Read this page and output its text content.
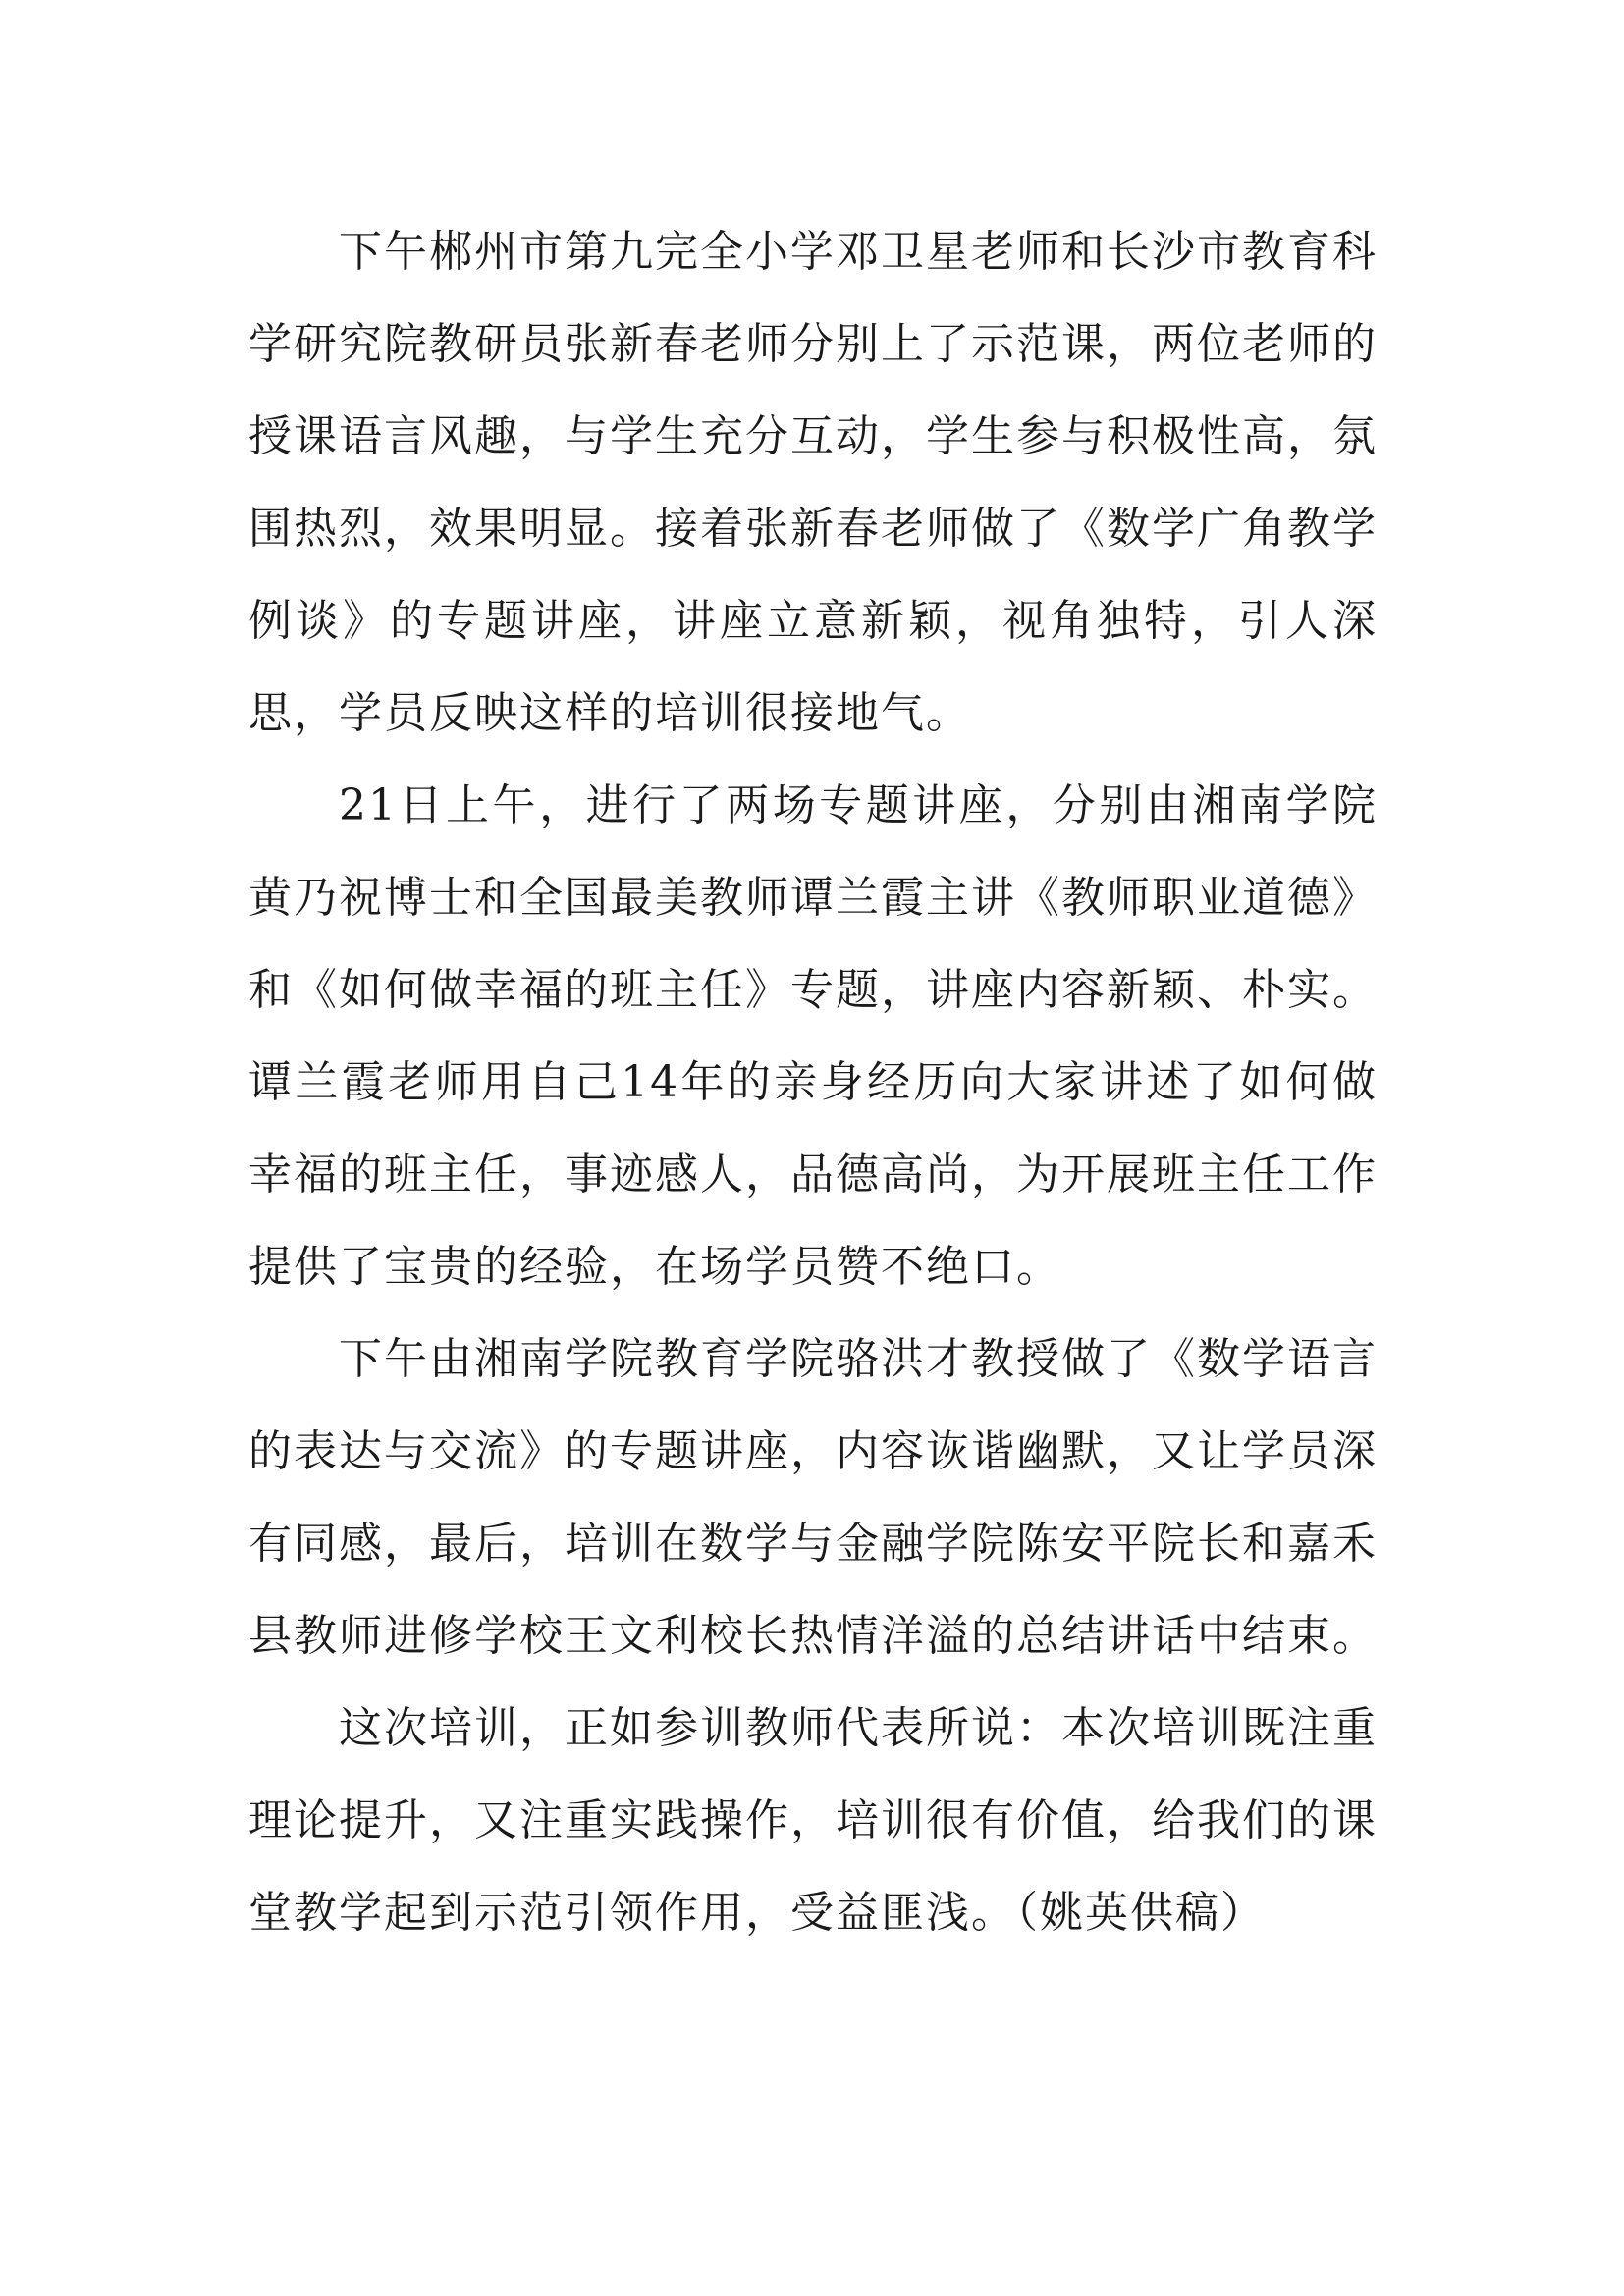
下午郴州市第九完全小学邓卫星老师和长沙市教育科学研究院教研员张新春老师分别上了示范课，两位老师的授课语言风趣，与学生充分互动，学生参与积极性高，氛围热烈，效果明显。接着张新春老师做了《数学广角教学例谈》的专题讲座，讲座立意新颖，视角独特，引人深思，学员反映这样的培训很接地气。

21日上午，进行了两场专题讲座，分别由湘南学院黄乃祝博士和全国最美教师谭兰霞主讲《教师职业道德》和《如何做幸福的班主任》专题，讲座内容新颖、朴实。谭兰霞老师用自己14年的亲身经历向大家讲述了如何做幸福的班主任，事迹感人，品德高尚，为开展班主任工作提供了宝贵的经验，在场学员赞不绝口。

下午由湘南学院教育学院骆洪才教授做了《数学语言的表达与交流》的专题讲座，内容诙谐幽默，又让学员深有同感，最后，培训在数学与金融学院陈安平院长和嘉禾县教师进修学校王文利校长热情洋溢的总结讲话中结束。

这次培训，正如参训教师代表所说：本次培训既注重理论提升，又注重实践操作，培训很有价值，给我们的课堂教学起到示范引领作用，受益匪浅。（姚英供稿）
